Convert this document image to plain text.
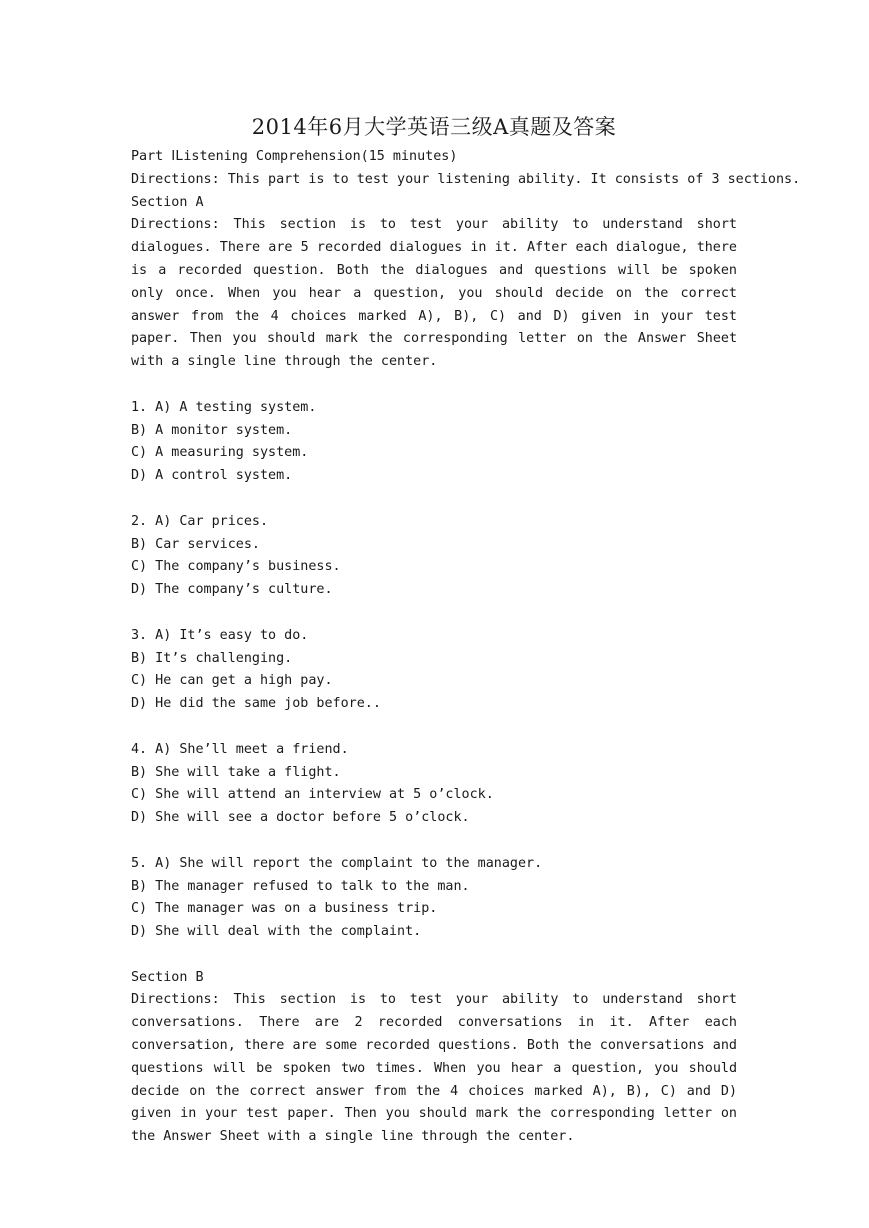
2014年6月大学英语三级A真题及答案
Part ⅠListening Comprehension(15 minutes)
Directions: This part is to test your listening ability. It consists of 3 sections.
Section A

Directions: This section is to test your ability to understand short dialogues. There are 5 recorded dialogues in it. After each dialogue, there is a recorded question. Both the dialogues and questions will be spoken only once. When you hear a question, you should decide on the correct answer from the 4 choices marked A), B), C) and D) given in your test paper. Then you should mark the corresponding letter on the Answer Sheet with a single line through the center.

1. A) A testing system.
B) A monitor system.
C) A measuring system.
D) A control system.
2. A) Car prices.
B) Car services.
C) The company’s business.
D) The company’s culture.
3. A) It’s easy to do.
B) It’s challenging.
C) He can get a high pay.
D) He did the same job before..
4. A) She’ll meet a friend.
B) She will take a flight.
C) She will attend an interview at 5 o’clock.
D) She will see a doctor before 5 o’clock.
5. A) She will report the complaint to the manager.
B) The manager refused to talk to the man.
C) The manager was on a business trip.
D) She will deal with the complaint.
Section B

Directions: This section is to test your ability to understand short conversations. There are 2 recorded conversations in it. After each conversation, there are some recorded questions. Both the conversations and questions will be spoken two times. When you hear a question, you should decide on the correct answer from the 4 choices marked A), B), C) and D) given in your test paper. Then you should mark the corresponding letter on the Answer Sheet with a single line through the center.
